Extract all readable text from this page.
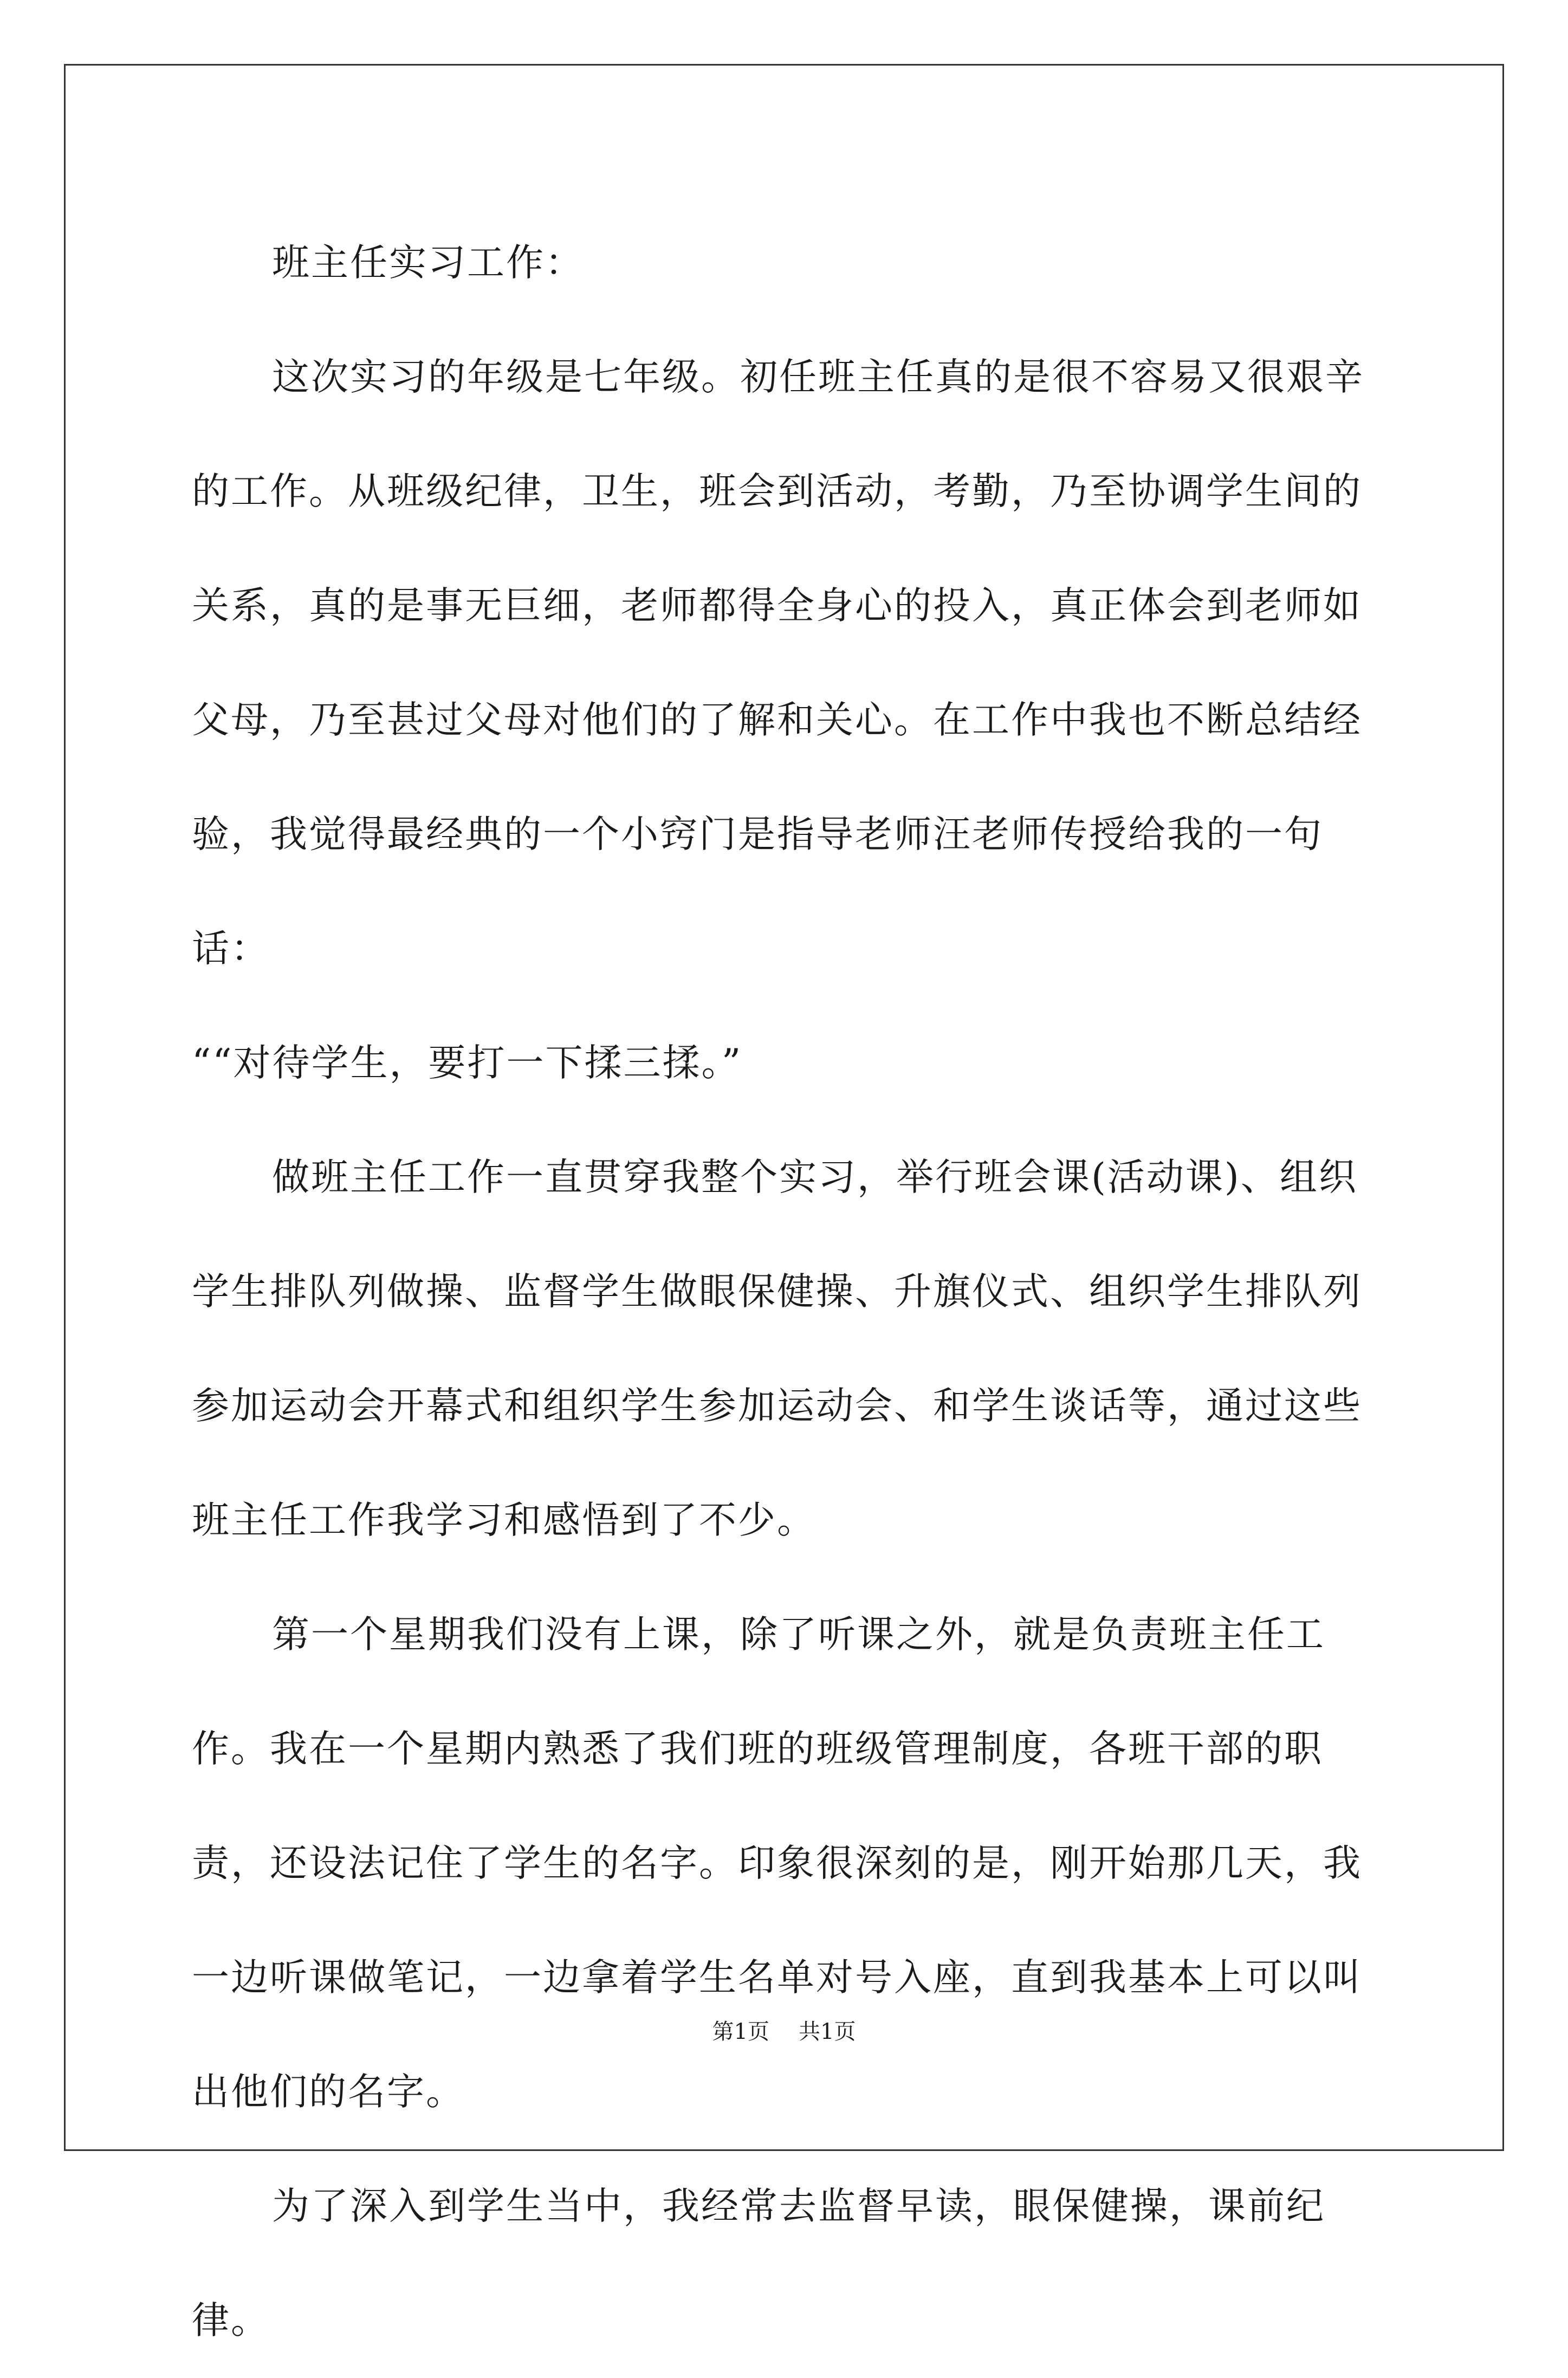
班主任实习工作：

这次实习的年级是七年级。初任班主任真的是很不容易又很艰辛的工作。从班级纪律，卫生，班会到活动，考勤，乃至协调学生间的关系，真的是事无巨细，老师都得全身心的投入，真正体会到老师如父母，乃至甚过父母对他们的了解和关心。在工作中我也不断总结经验，我觉得最经典的一个小窍门是指导老师汪老师传授给我的一句话：

““对待学生，要打一下揉三揉。”

做班主任工作一直贯穿我整个实习，举行班会课(活动课)、组织学生排队列做操、监督学生做眼保健操、升旗仪式、组织学生排队列参加运动会开幕式和组织学生参加运动会、和学生谈话等，通过这些班主任工作我学习和感悟到了不少。

第一个星期我们没有上课，除了听课之外，就是负责班主任工作。我在一个星期内熟悉了我们班的班级管理制度，各班干部的职责，还设法记住了学生的名字。印象很深刻的是，刚开始那几天，我一边听课做笔记，一边拿着学生名单对号入座，直到我基本上可以叫出他们的名字。

为了深入到学生当中，我经常去监督早读，眼保健操，课前纪律。

第1页 共1页
